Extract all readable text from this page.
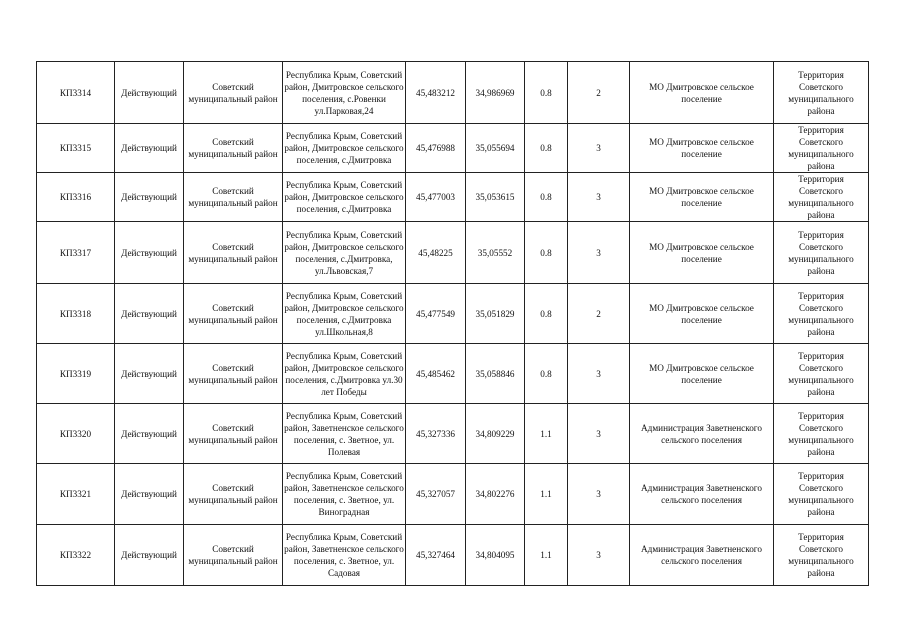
КП3314	Действующий	Советский муниципальный район	Республика Крым, Советский район, Дмитровское сельского поселения, с.Ровенки ул.Парковая,24	45,483212	34,986969	0.8	2	МО Дмитровское сельское поселение	Территория Советского муниципального района
КП3315	Действующий	Советский муниципальный район	Республика Крым, Советский район, Дмитровское сельского поселения, с.Дмитровка	45,476988	35,055694	0.8	3	МО Дмитровское сельское поселение	Территория Советского муниципального района
КП3316	Действующий	Советский муниципальный район	Республика Крым, Советский район, Дмитровское сельского поселения, с.Дмитровка	45,477003	35,053615	0.8	3	МО Дмитровское сельское поселение	Территория Советского муниципального района
КП3317	Действующий	Советский муниципальный район	Республика Крым, Советский район, Дмитровское сельского поселения, с.Дмитровка, ул.Львовская,7	45,48225	35,05552	0.8	3	МО Дмитровское сельское поселение	Территория Советского муниципального района
КП3318	Действующий	Советский муниципальный район	Республика Крым, Советский район, Дмитровское сельского поселения, с.Дмитровка ул.Школьная,8	45,477549	35,051829	0.8	2	МО Дмитровское сельское поселение	Территория Советского муниципального района
КП3319	Действующий	Советский муниципальный район	Республика Крым, Советский район, Дмитровское сельского поселения, с.Дмитровка ул.30 лет Победы	45,485462	35,058846	0.8	3	МО Дмитровское сельское поселение	Территория Советского муниципального района
КП3320	Действующий	Советский муниципальный район	Республика Крым, Советский район, Заветненское сельского поселения, с. Зветное, ул. Полевая	45,327336	34,809229	1.1	3	Администрация Заветненского сельского поселения	Территория Советского муниципального района
КП3321	Действующий	Советский муниципальный район	Республика Крым, Советский район, Заветненское сельского поселения, с. Зветное, ул. Виноградная	45,327057	34,802276	1.1	3	Администрация Заветненского сельского поселения	Территория Советского муниципального района
КП3322	Действующий	Советский муниципальный район	Республика Крым, Советский район, Заветненское сельского поселения, с. Зветное, ул. Садовая	45,327464	34,804095	1.1	3	Администрация Заветненского сельского поселения	Территория Советского муниципального района
